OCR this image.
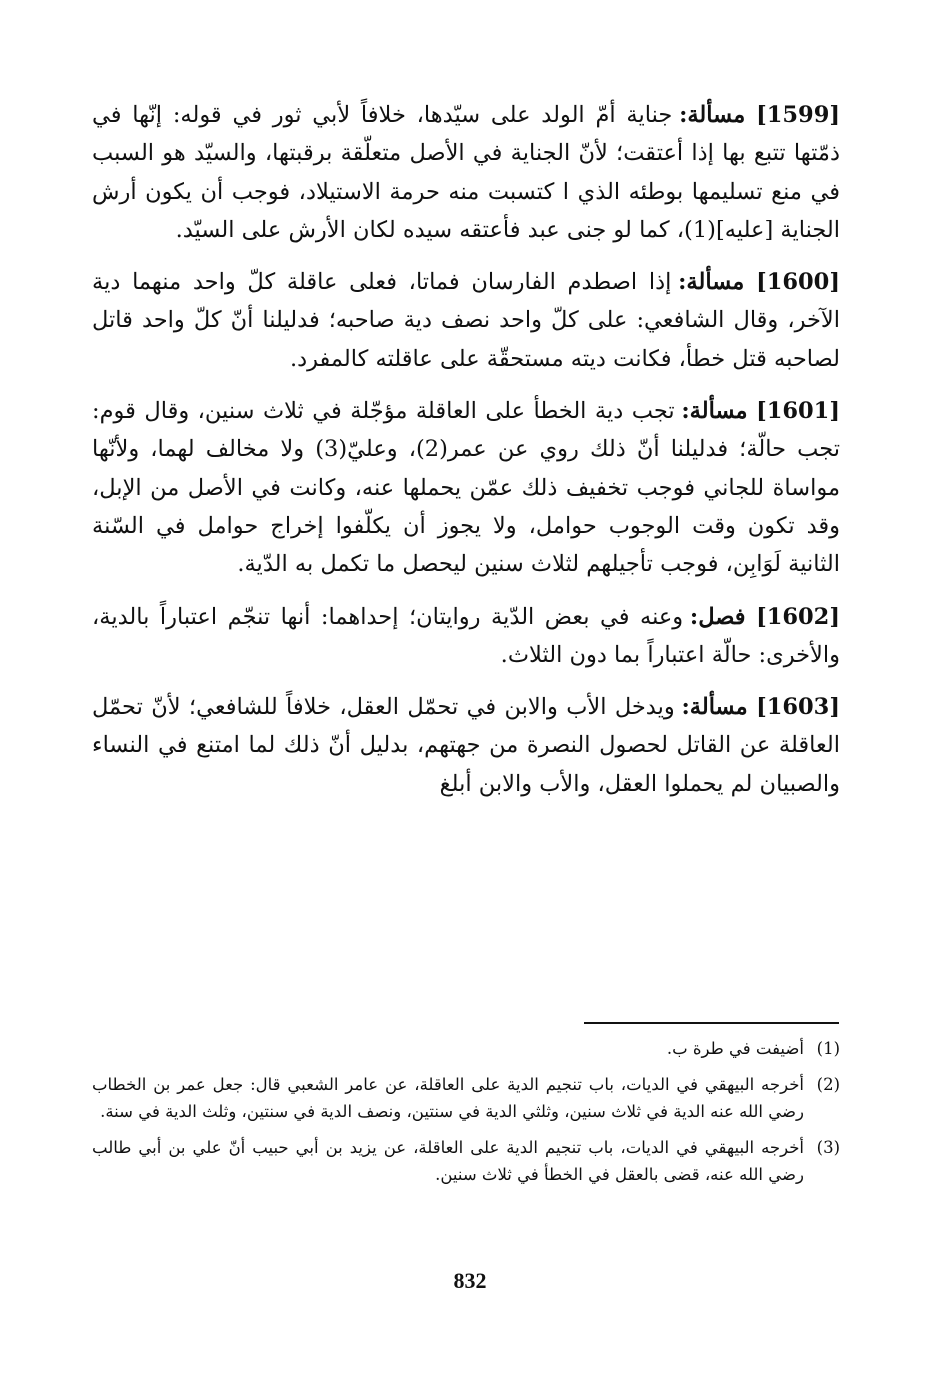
[1599] مسألة:جناية أمّ الولد على سيّدها، خلافاً لأبي ثور في قوله: إنّها في ذمّتها تتبع بها إذا أعتقت؛ لأنّ الجناية في الأصل متعلّقة برقبتها، والسيّد هو السبب في منع تسليمها بوطئه الذي ا كتسبت منه حرمة الاستيلاد، فوجب أن يكون أرش الجناية [عليه](1)، كما لو جنى عبد فأعتقه سيده لكان الأرش على السيّد.

[1600] مسألة:إذا اصطدم الفارسان فماتا، فعلى عاقلة كلّ واحد منهما دية الآخر، وقال الشافعي: على كلّ واحد نصف دية صاحبه؛ فدليلنا أنّ كلّ واحد قاتل لصاحبه قتل خطأ، فكانت ديته مستحقّة على عاقلته كالمفرد.

[1601] مسألة:تجب دية الخطأ على العاقلة مؤجّلة في ثلاث سنين، وقال قوم: تجب حالّة؛ فدليلنا أنّ ذلك روي عن عمر(2)، وعليّ(3) ولا مخالف لهما، ولأنّها مواساة للجاني فوجب تخفيف ذلك عمّن يحملها عنه، وكانت في الأصل من الإبل، وقد تكون وقت الوجوب حوامل، ولا يجوز أن يكلّفوا إخراج حوامل في السّنة الثانية لَوَابِن، فوجب تأجيلهم لثلاث سنين ليحصل ما تكمل به الدّية.

[1602] فصل:وعنه في بعض الدّية روايتان؛ إحداهما: أنها تنجّم اعتباراً بالدية، والأخرى: حالّة اعتباراً بما دون الثلاث.

[1603] مسألة:ويدخل الأب والابن في تحمّل العقل، خلافاً للشافعي؛ لأنّ تحمّل العاقلة عن القاتل لحصول النصرة من جهتهم، بدليل أنّ ذلك لما امتنع في النساء والصبيان لم يحملوا العقل، والأب والابن أبلغ

(1)
أضيفت في طرة ب.
(2)
أخرجه البيهقي في الديات، باب تنجيم الدية على العاقلة، عن عامر الشعبي قال: جعل عمر بن الخطاب رضي الله عنه الدية في ثلاث سنين، وثلثي الدية في سنتين، ونصف الدية في سنتين، وثلث الدية في سنة.
(3)
أخرجه البيهقي في الديات، باب تنجيم الدية على العاقلة، عن يزيد بن أبي حبيب أنّ علي بن أبي طالب رضي الله عنه، قضى بالعقل في الخطأ في ثلاث سنين.
832
